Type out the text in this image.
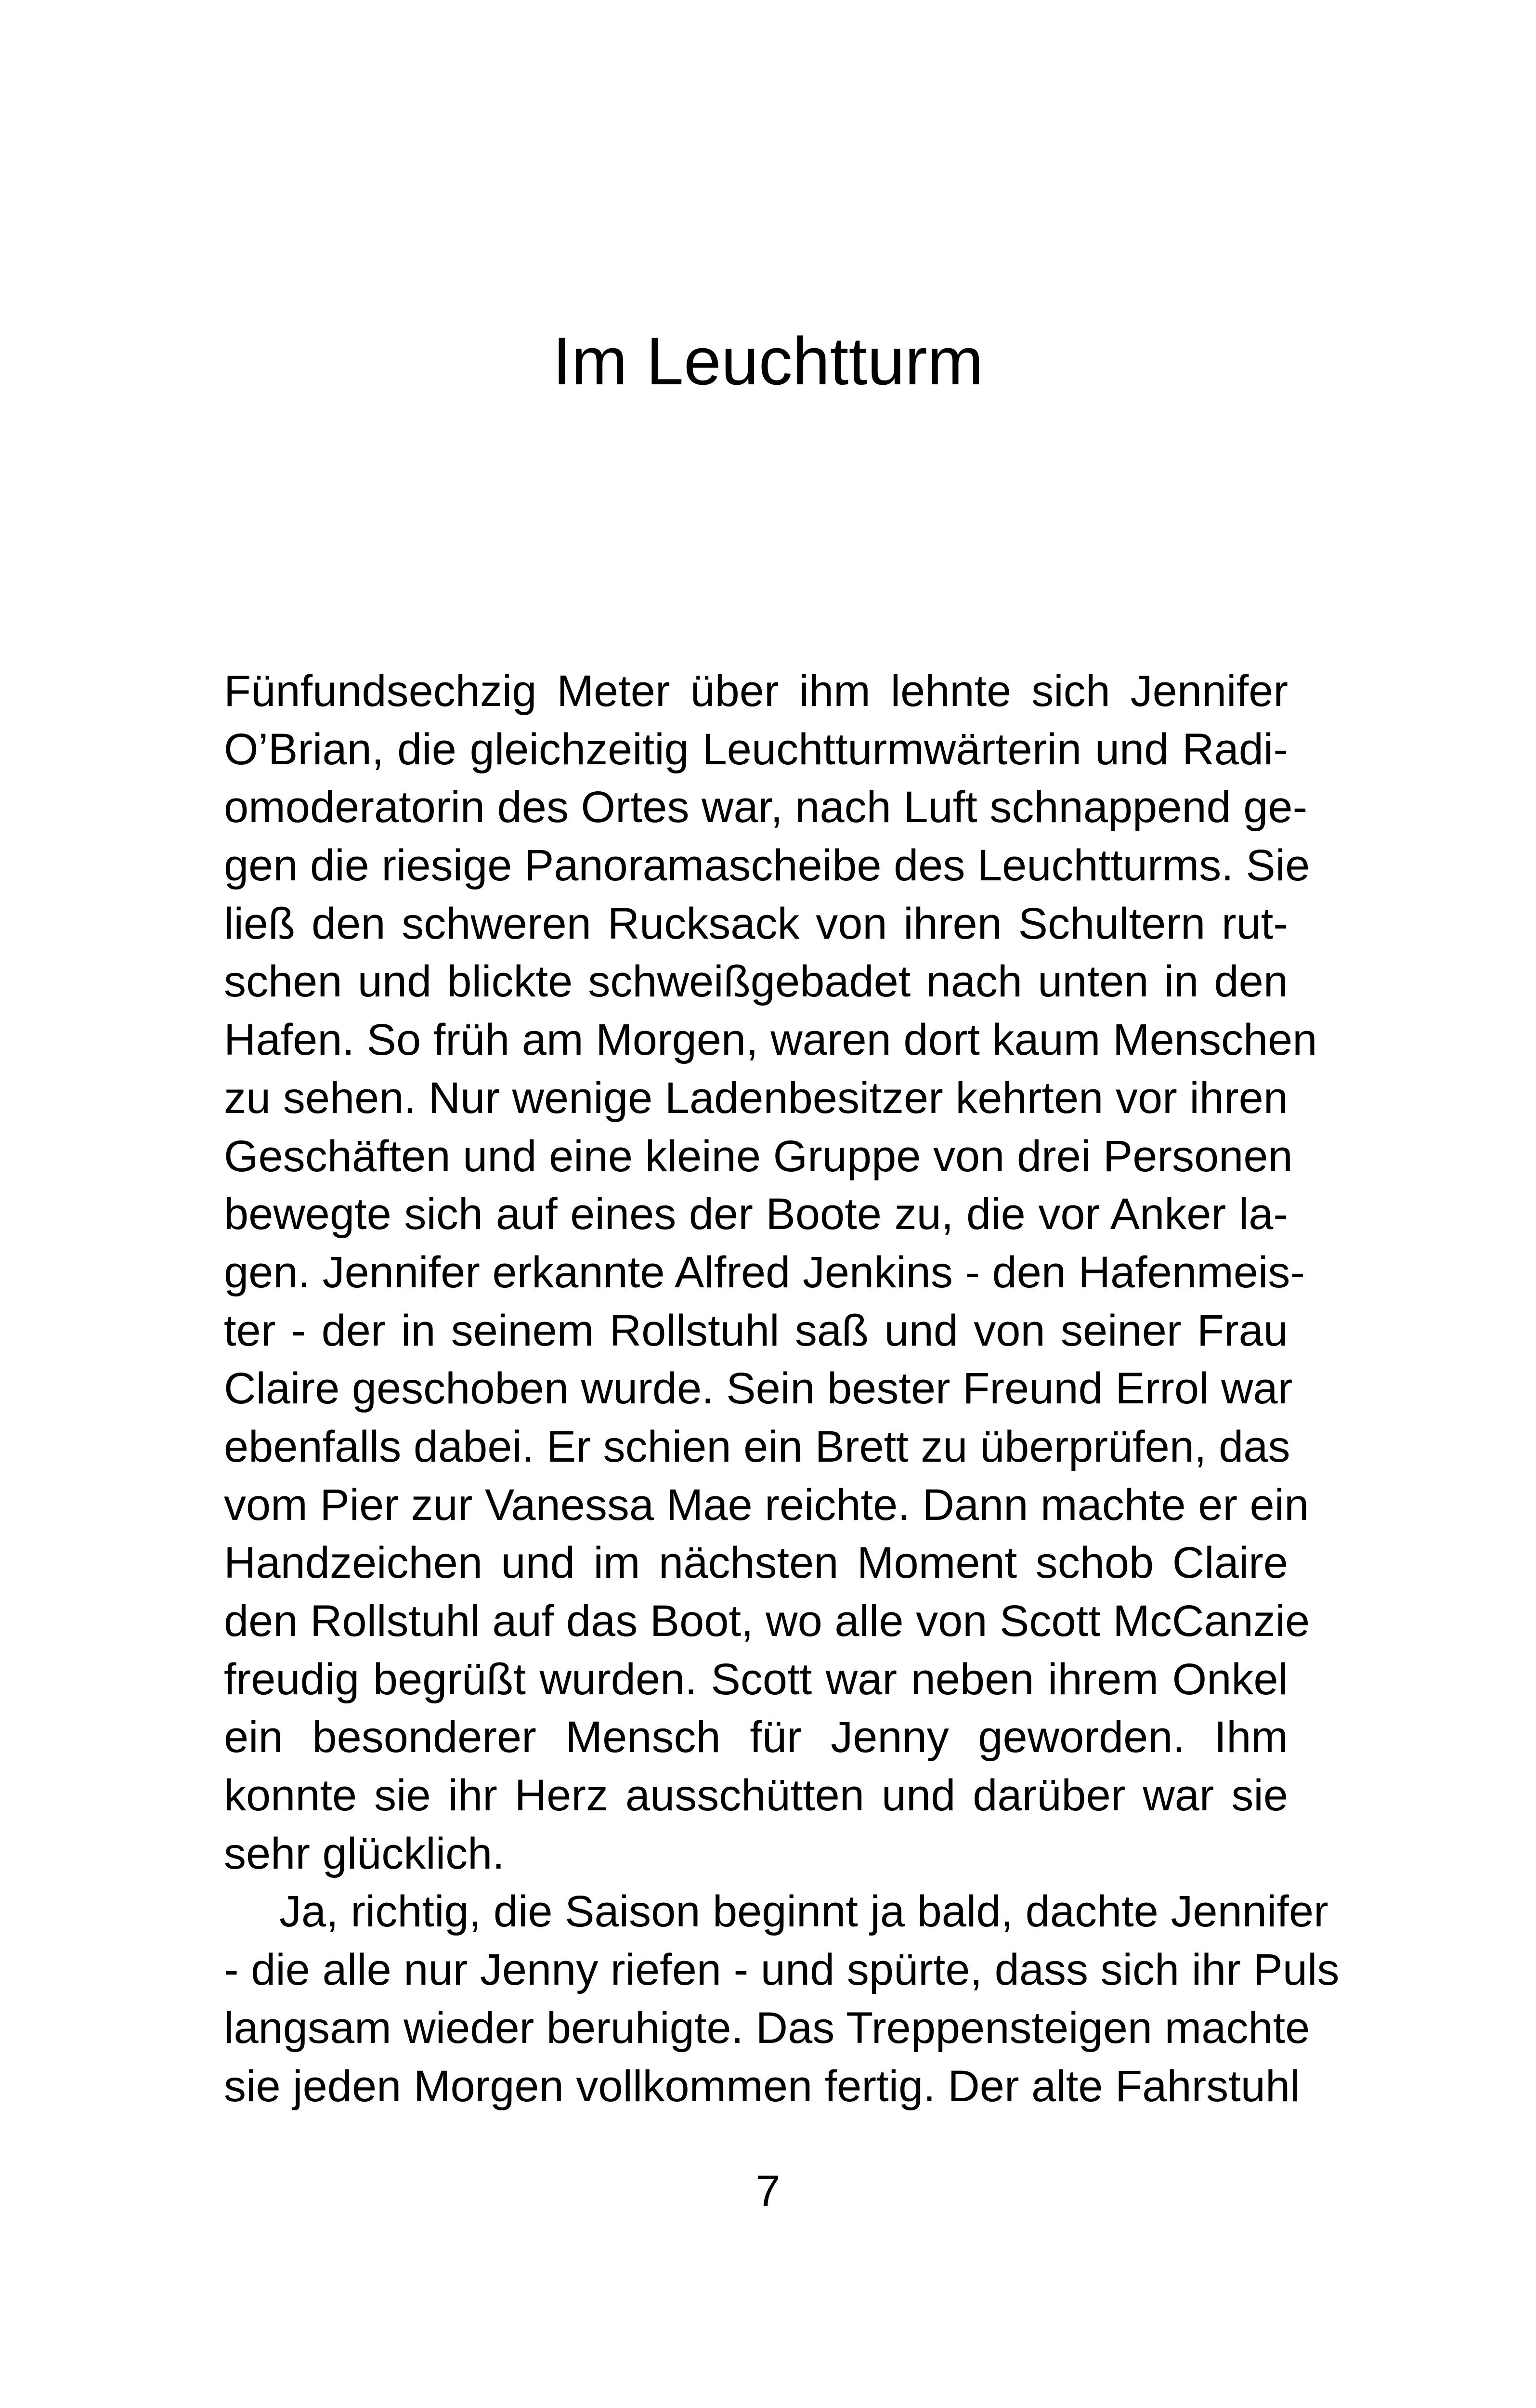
Im Leuchtturm
Fünfundsechzig Meter über ihm lehnte sich Jennifer
O’Brian, die gleichzeitig Leuchtturmwärterin und Radi-
omoderatorin des Ortes war, nach Luft schnappend ge-
gen die riesige Panoramascheibe des Leuchtturms. Sie
ließ den schweren Rucksack von ihren Schultern rut-
schen und blickte schweißgebadet nach unten in den
Hafen. So früh am Morgen, waren dort kaum Menschen
zu sehen. Nur wenige Ladenbesitzer kehrten vor ihren
Geschäften und eine kleine Gruppe von drei Personen
bewegte sich auf eines der Boote zu, die vor Anker la-
gen. Jennifer erkannte Alfred Jenkins - den Hafenmeis-
ter - der in seinem Rollstuhl saß und von seiner Frau
Claire geschoben wurde. Sein bester Freund Errol war
ebenfalls dabei. Er schien ein Brett zu überprüfen, das
vom Pier zur Vanessa Mae reichte. Dann machte er ein
Handzeichen und im nächsten Moment schob Claire
den Rollstuhl auf das Boot, wo alle von Scott McCanzie
freudig begrüßt wurden. Scott war neben ihrem Onkel
ein besonderer Mensch für Jenny geworden. Ihm
konnte sie ihr Herz ausschütten und darüber war sie
sehr glücklich.
Ja, richtig, die Saison beginnt ja bald, dachte Jennifer
- die alle nur Jenny riefen - und spürte, dass sich ihr Puls
langsam wieder beruhigte. Das Treppensteigen machte
sie jeden Morgen vollkommen fertig. Der alte Fahrstuhl
7
